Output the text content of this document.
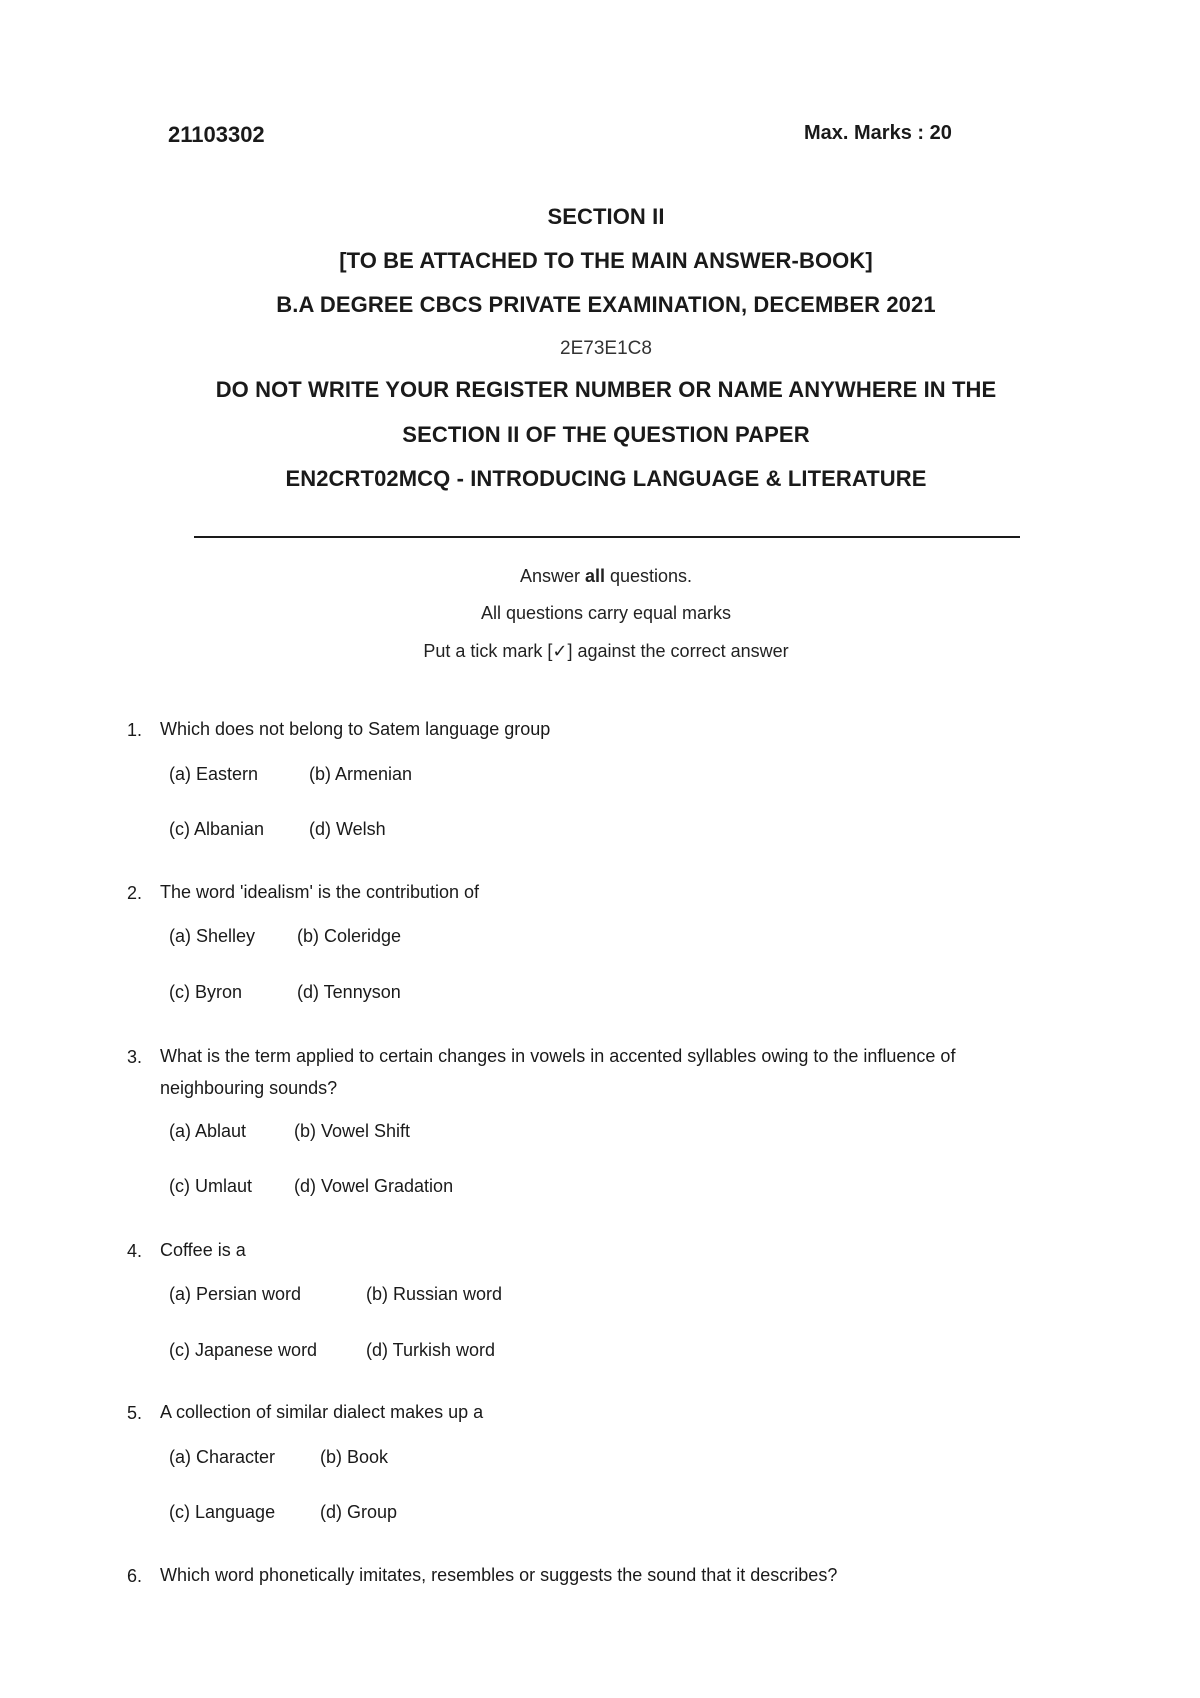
21103302	Max. Marks : 20
SECTION II
[TO BE ATTACHED TO THE MAIN ANSWER-BOOK]
B.A DEGREE CBCS PRIVATE EXAMINATION, DECEMBER 2021
2E73E1C8
DO NOT WRITE YOUR REGISTER NUMBER OR NAME ANYWHERE IN THE
SECTION II OF THE QUESTION PAPER
EN2CRT02MCQ - INTRODUCING LANGUAGE & LITERATURE
Answer all questions.
All questions carry equal marks
Put a tick mark [✓] against the correct answer
1. Which does not belong to Satem language group
(a) Eastern	(b) Armenian
(c) Albanian (d) Welsh
2. The word 'idealism' is the contribution of
(a) Shelley (b) Coleridge
(c) Byron	(d) Tennyson
3. What is the term applied to certain changes in vowels in accented syllables owing to the influence of neighbouring sounds?
(a) Ablaut	(b) Vowel Shift
(c) Umlaut (d) Vowel Gradation
4. Coffee is a
(a) Persian word	(b) Russian word
(c) Japanese word	(d) Turkish word
5. A collection of similar dialect makes up a
(a) Character (b) Book
(c) Language (d) Group
6. Which word phonetically imitates, resembles or suggests the sound that it describes?
